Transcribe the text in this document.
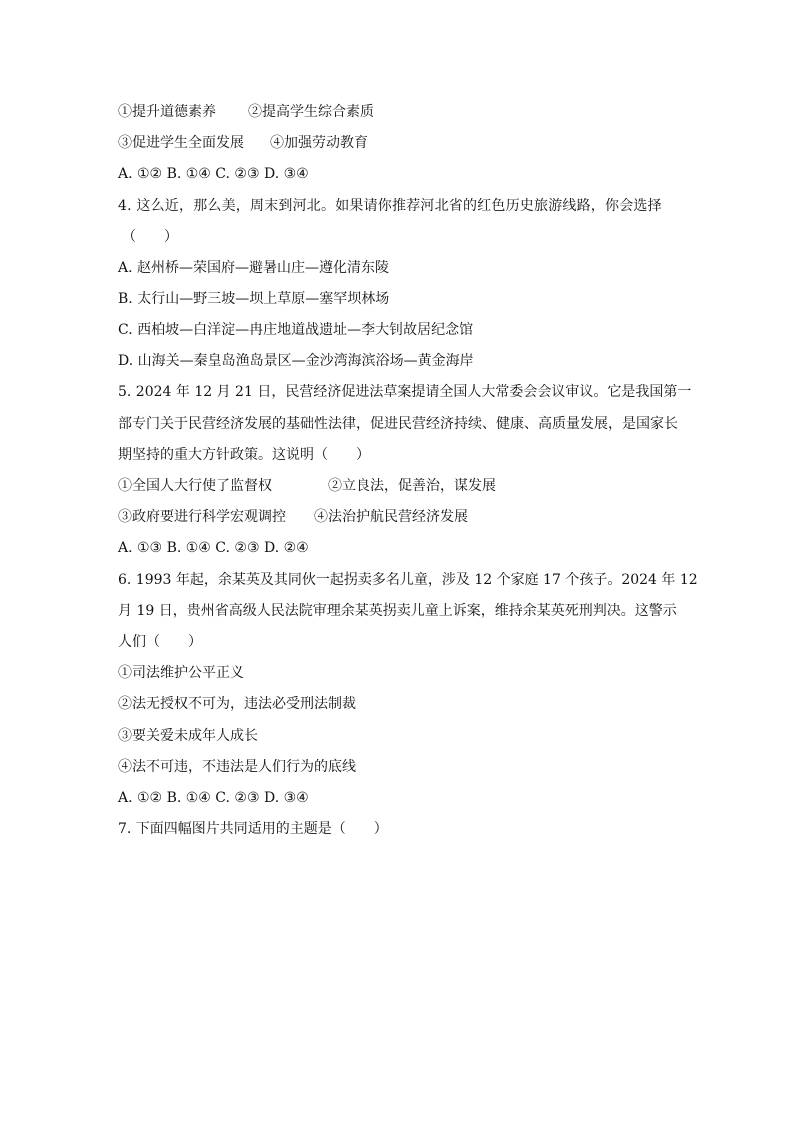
①提升道德素养 ②提高学生综合素质
③促进学生全面发展 ④加强劳动教育
A. ①② B. ①④ C. ②③ D. ③④
4. 这么近，那么美，周末到河北。如果请你推荐河北省的红色历史旅游线路，你会选择
（　　）
A. 赵州桥—荣国府—避暑山庄—遵化清东陵
B. 太行山—野三坡—坝上草原—塞罕坝林场
C. 西柏坡—白洋淀—冉庄地道战遗址—李大钊故居纪念馆
D. 山海关—秦皇岛渔岛景区—金沙湾海滨浴场—黄金海岸
5. 2024 年 12 月 21 日，民营经济促进法草案提请全国人大常委会会议审议。它是我国第一
部专门关于民营经济发展的基础性法律，促进民营经济持续、健康、高质量发展，是国家长
期坚持的重大方针政策。这说明（　　）
①全国人大行使了监督权	②立良法，促善治，谋发展
③政府要进行科学宏观调控 ④法治护航民营经济发展
A. ①③ B. ①④ C. ②③ D. ②④
6. 1993 年起，余某英及其同伙一起拐卖多名儿童，涉及 12 个家庭 17 个孩子。2024 年 12
月 19 日，贵州省高级人民法院审理余某英拐卖儿童上诉案，维持余某英死刑判决。这警示
人们（　　）
①司法维护公平正义
②法无授权不可为，违法必受刑法制裁
③要关爱未成年人成长
④法不可违，不违法是人们行为的底线
A. ①② B. ①④ C. ②③ D. ③④
7. 下面四幅图片共同适用的主题是（　　）
